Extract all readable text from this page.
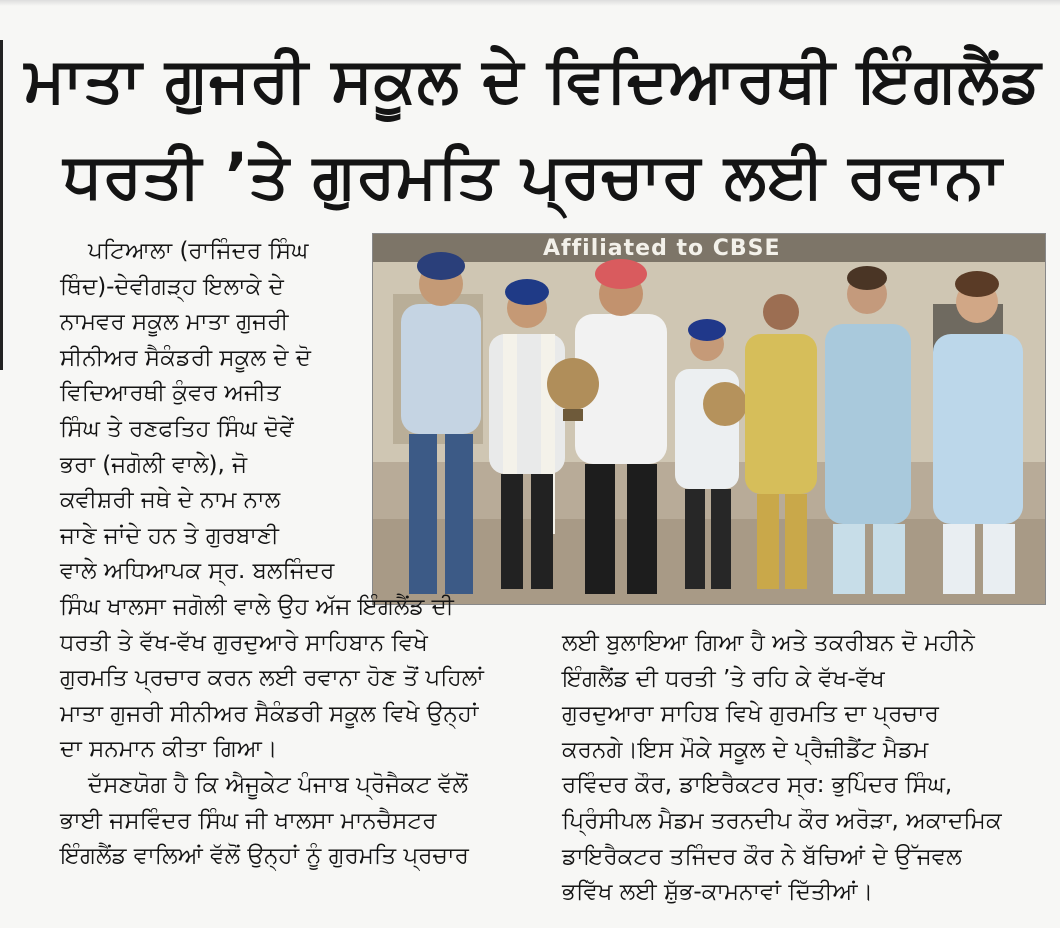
ਮਾਤਾ ਗੁਜਰੀ ਸਕੂਲ ਦੇ ਵਿਦਿਆਰਥੀ ਇੰਗਲੈਂਡ
ਧਰਤੀ ’ਤੇ ਗੁਰਮਤਿ ਪ੍ਰਚਾਰ ਲਈ ਰਵਾਨਾ
ਪਟਿਆਲਾ (ਰਾਜਿੰਦਰ ਸਿੰਘ
ਥਿੰਦ)-ਦੇਵੀਗੜ੍ਹ ਇਲਾਕੇ ਦੇ
ਨਾਮਵਰ ਸਕੂਲ ਮਾਤਾ ਗੁਜਰੀ
ਸੀਨੀਅਰ ਸੈਕੰਡਰੀ ਸਕੂਲ ਦੇ ਦੋ
ਵਿਦਿਆਰਥੀ ਕੁੰਵਰ ਅਜੀਤ
ਸਿੰਘ ਤੇ ਰਣਫਤਿਹ ਸਿੰਘ ਦੋਵੇਂ
ਭਰਾ (ਜਗੋਲੀ ਵਾਲੇ), ਜੋ
ਕਵੀਸ਼ਰੀ ਜਥੇ ਦੇ ਨਾਮ ਨਾਲ
ਜਾਣੇ ਜਾਂਦੇ ਹਨ ਤੇ ਗੁਰਬਾਣੀ
ਵਾਲੇ ਅਧਿਆਪਕ ਸ੍ਰ. ਬਲਜਿੰਦਰ
Affiliated to CBSE
ਸਿੰਘ ਖਾਲਸਾ ਜਗੋਲੀ ਵਾਲੇ ਉਹ ਅੱਜ ਇੰਗਲੈਂਡ ਦੀ
ਧਰਤੀ ਤੇ ਵੱਖ-ਵੱਖ ਗੁਰਦੁਆਰੇ ਸਾਹਿਬਾਨ ਵਿਖੇ
ਗੁਰਮਤਿ ਪ੍ਰਚਾਰ ਕਰਨ ਲਈ ਰਵਾਨਾ ਹੋਣ ਤੋਂ ਪਹਿਲਾਂ
ਮਾਤਾ ਗੁਜਰੀ ਸੀਨੀਅਰ ਸੈਕੰਡਰੀ ਸਕੂਲ ਵਿਖੇ ਉਨ੍ਹਾਂ
ਦਾ ਸਨਮਾਨ ਕੀਤਾ ਗਿਆ।
ਦੱਸਣਯੋਗ ਹੈ ਕਿ ਐਜੂਕੇਟ ਪੰਜਾਬ ਪ੍ਰੋਜੈਕਟ ਵੱਲੋਂ
ਭਾਈ ਜਸਵਿੰਦਰ ਸਿੰਘ ਜੀ ਖਾਲਸਾ ਮਾਨਚੈਸਟਰ
ਇੰਗਲੈਂਡ ਵਾਲਿਆਂ ਵੱਲੋਂ ਉਨ੍ਹਾਂ ਨੂੰ ਗੁਰਮਤਿ ਪ੍ਰਚਾਰ
ਲਈ ਬੁਲਾਇਆ ਗਿਆ ਹੈ ਅਤੇ ਤਕਰੀਬਨ ਦੋ ਮਹੀਨੇ
ਇੰਗਲੈਂਡ ਦੀ ਧਰਤੀ ’ਤੇ ਰਹਿ ਕੇ ਵੱਖ-ਵੱਖ
ਗੁਰਦੁਆਰਾ ਸਾਹਿਬ ਵਿਖੇ ਗੁਰਮਤਿ ਦਾ ਪ੍ਰਚਾਰ
ਕਰਨਗੇ।ਇਸ ਮੌਕੇ ਸਕੂਲ ਦੇ ਪ੍ਰੈਜ਼ੀਡੈਂਟ ਮੈਡਮ
ਰਵਿੰਦਰ ਕੌਰ, ਡਾਇਰੈਕਟਰ ਸ੍ਰ: ਭੁਪਿੰਦਰ ਸਿੰਘ,
ਪ੍ਰਿੰਸੀਪਲ ਮੈਡਮ ਤਰਨਦੀਪ ਕੌਰ ਅਰੋੜਾ, ਅਕਾਦਮਿਕ
ਡਾਇਰੈਕਟਰ ਤਜਿੰਦਰ ਕੌਰ ਨੇ ਬੱਚਿਆਂ ਦੇ ਉੱਜਵਲ
ਭਵਿੱਖ ਲਈ ਸ਼ੁੱਭ-ਕਾਮਨਾਵਾਂ ਦਿੱਤੀਆਂ।
